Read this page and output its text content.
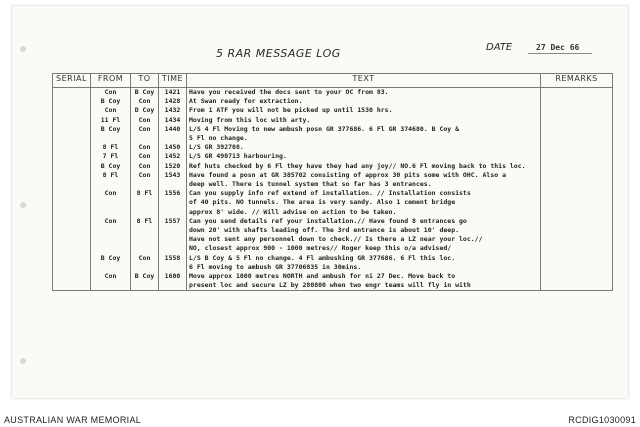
5 RAR MESSAGE LOG	DATE	27 Dec 66
SERIAL	FROM	TO	TIME	TEXT	REMARKS
	Con	B Coy	1421	Have you received the docs sent to your OC from 83.	
	B Coy	Con	1428	At Swan ready for extraction.	
	Con	D Coy	1432	From 1 ATF you will not be picked up until 1530 hrs.	
	11 Fl	Con	1434	Moving from this loc with arty.	
	B Coy	Con	1440	L/S 4 Fl Moving to new ambush posn GR 377686. 6 Fl GR 374680. B Coy &
5 Fl no change.	
	8 Fl	Con	1450	L/S GR 392708.	
	7 Fl	Con	1452	L/S GR 490713 harbouring.	
	B Coy	Con	1520	Ref huts checked by 6 Fl they have they had any joy// NO.6 Fl moving back to this loc.	
	8 Fl	Con	1543	Have found a posn at GR 385702 consisting of approx 30 pits some with OHC. Also a
deep well. There is tunnel system that so far has 3 entrances.	
	Con	8 Fl	1556	Can you supply info ref extend of installation. // Installation consists
of 40 pits. NO tunnels. The area is very sandy. Also 1 cement bridge
approx 8' wide. // Will advise on action to be taken.	
	Con	8 Fl	1557	Can you send details ref your installation.// Have found 8 entrances go
down 20' with shafts leading off. The 3rd entrance is about 10' deep.
Have not sent any personnel down to check.// Is there a LZ near your loc.//
NO, closest approx 900 - 1000 metres// Roger keep this o/a advised/	
	B Coy	Con	1558	L/S B Coy & 5 Fl no change. 4 Fl ambushing GR 377686. 6 Fl this loc.
6 Fl moving to ambush GR 37706835 in 30mins.	
	Con	B Coy	1600	Move approx 1000 metres NORTH and ambush for ni 27 Dec. Move back to
present loc and secure LZ by 280800 when two engr teams will fly in with	
AUSTRALIAN WAR MEMORIAL	RCDIG1030091
